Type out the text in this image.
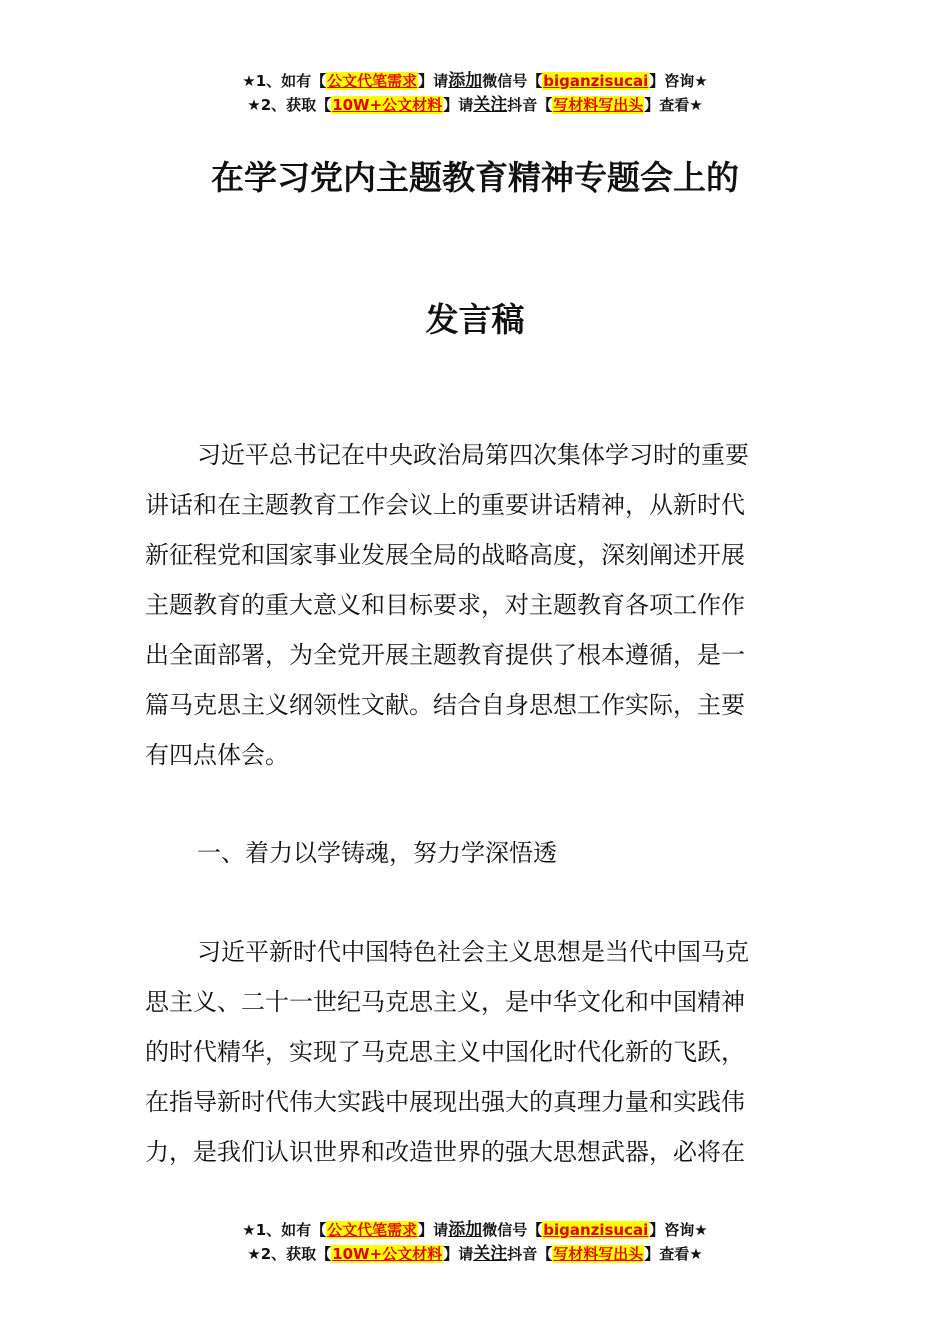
★1、如有【公文代笔需求】请添加微信号【biganzisucai】咨询★
★2、获取【10W+公文材料】请关注抖音【写材料写出头】查看★
在学习党内主题教育精神专题会上的
发言稿
习近平总书记在中央政治局第四次集体学习时的重要
讲话和在主题教育工作会议上的重要讲话精神，从新时代
新征程党和国家事业发展全局的战略高度，深刻阐述开展
主题教育的重大意义和目标要求，对主题教育各项工作作
出全面部署，为全党开展主题教育提供了根本遵循，是一
篇马克思主义纲领性文献。结合自身思想工作实际，主要
有四点体会。
一、着力以学铸魂，努力学深悟透
习近平新时代中国特色社会主义思想是当代中国马克
思主义、二十一世纪马克思主义，是中华文化和中国精神
的时代精华，实现了马克思主义中国化时代化新的飞跃，
在指导新时代伟大实践中展现出强大的真理力量和实践伟
力，是我们认识世界和改造世界的强大思想武器，必将在
★1、如有【公文代笔需求】请添加微信号【biganzisucai】咨询★
★2、获取【10W+公文材料】请关注抖音【写材料写出头】查看★
